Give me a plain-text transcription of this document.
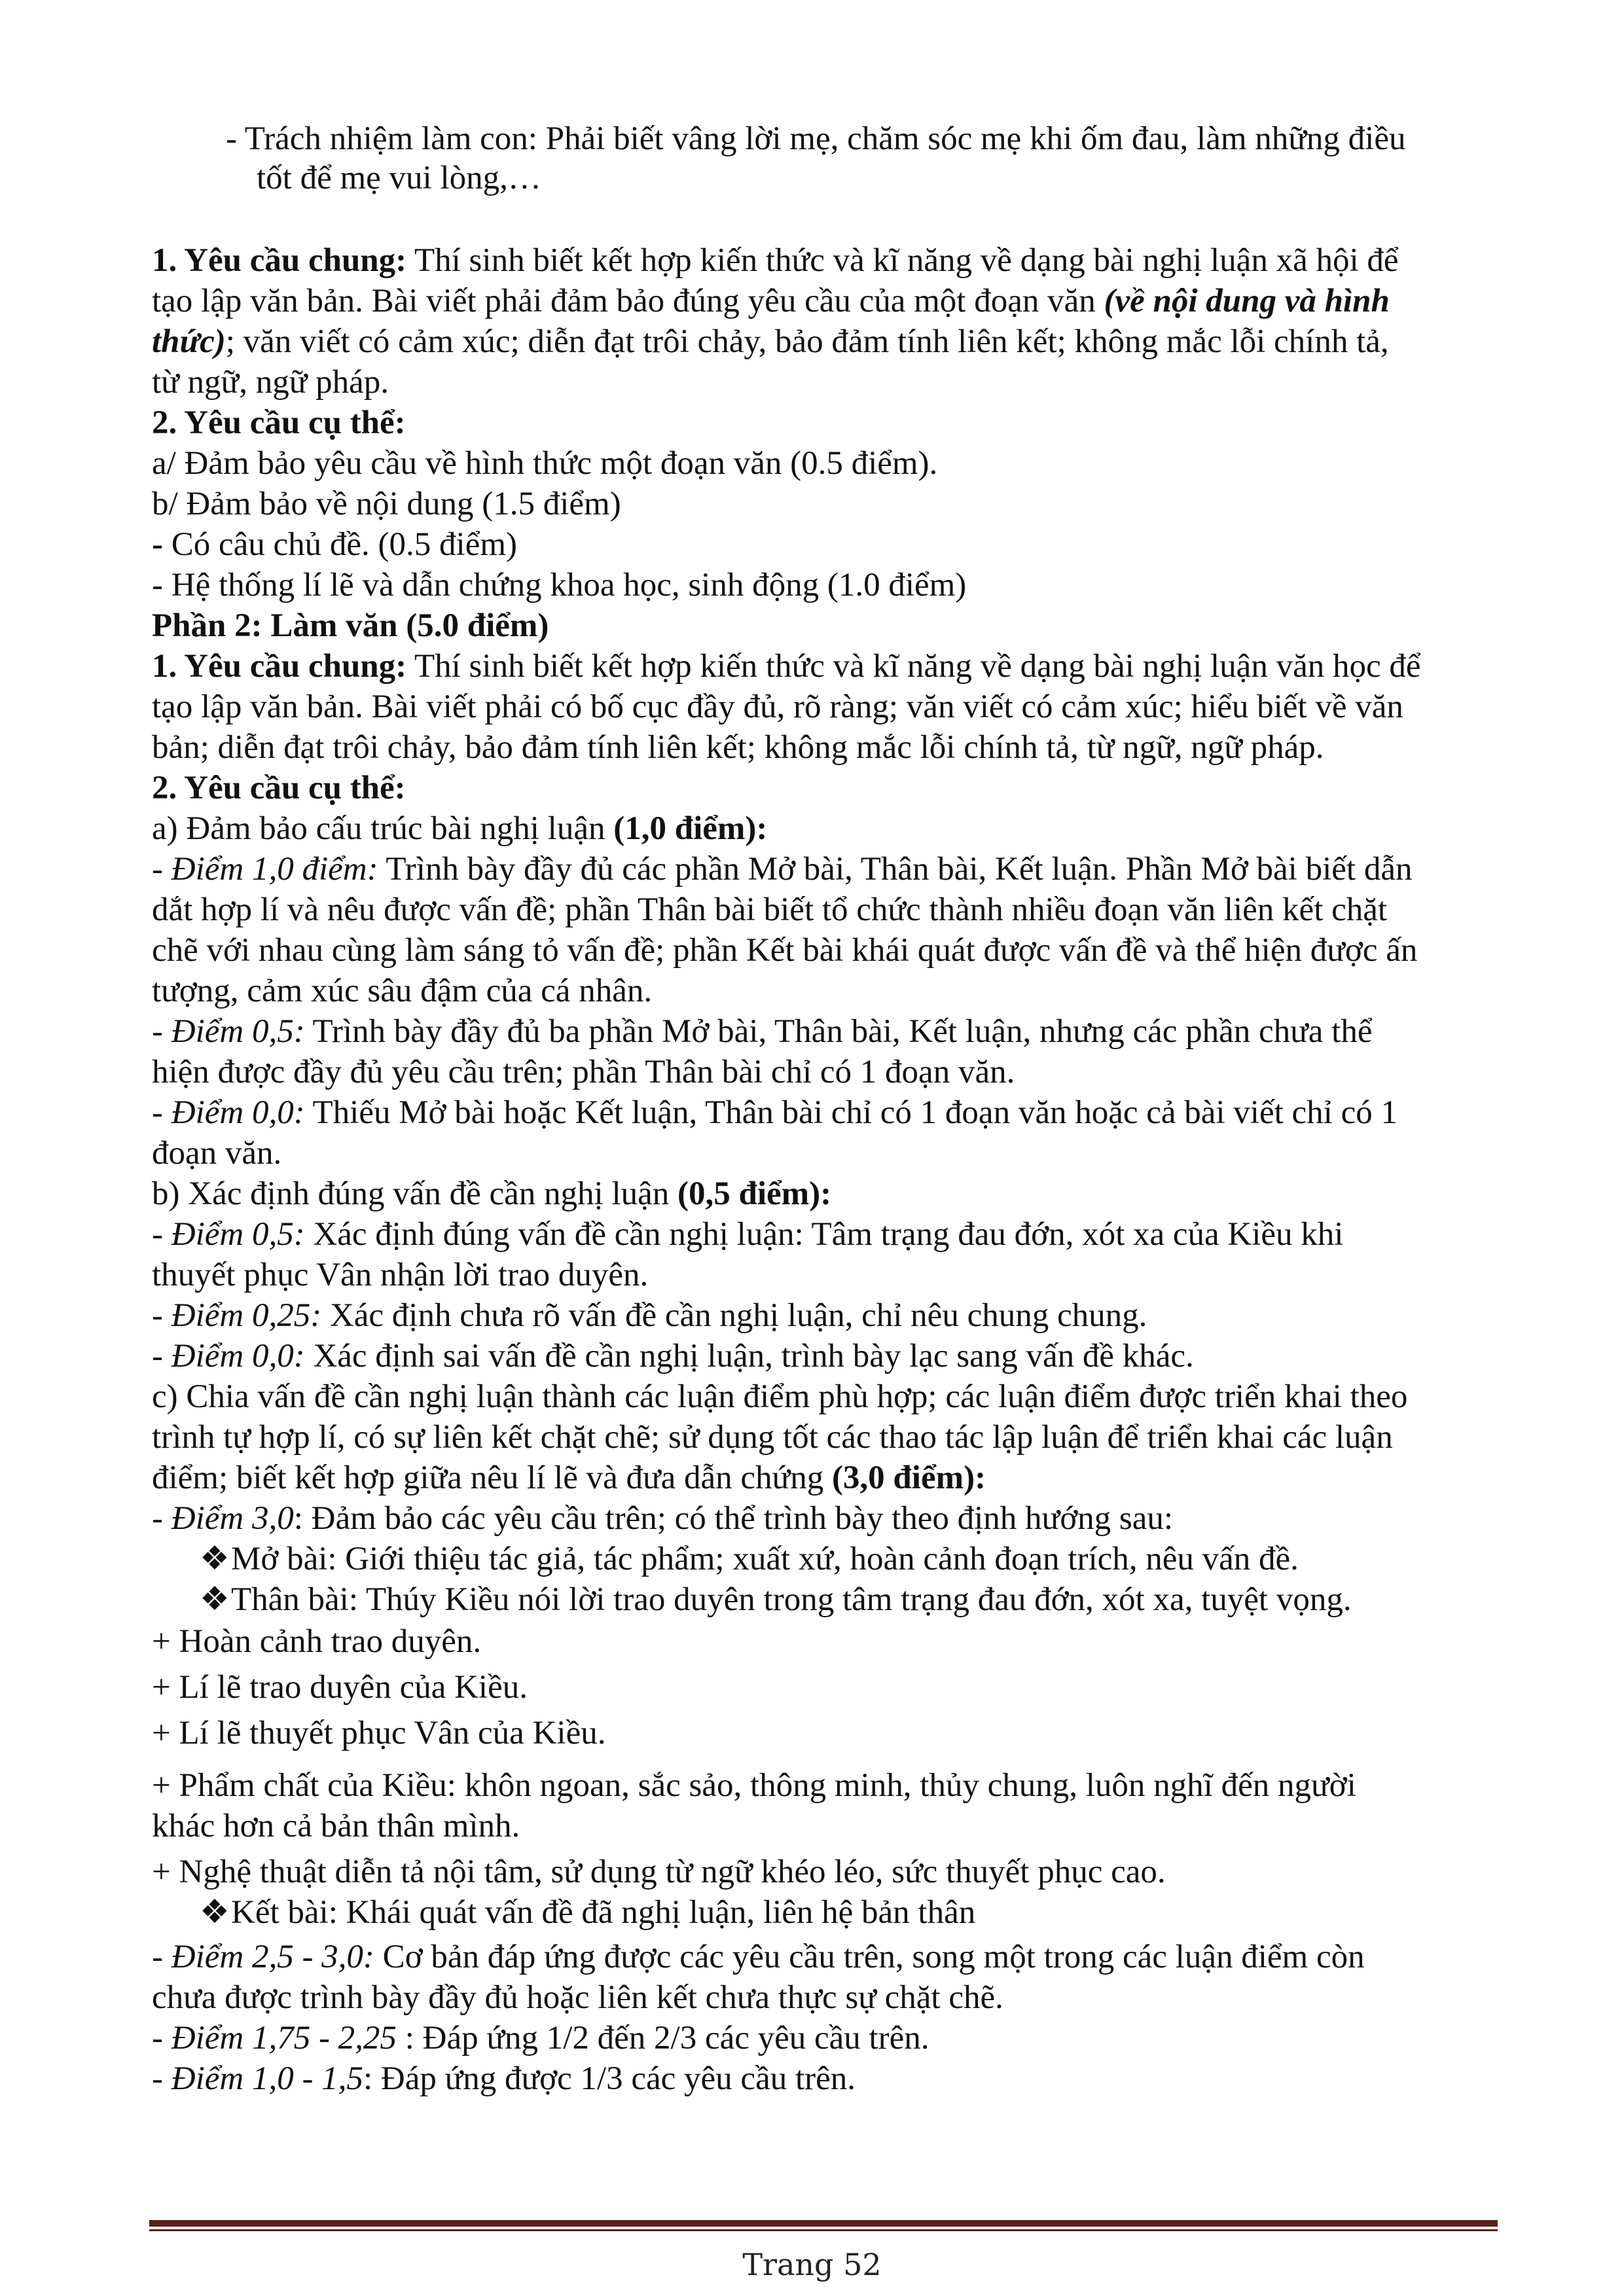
- Trách nhiệm làm con: Phải biết vâng lời mẹ, chăm sóc mẹ khi ốm đau, làm những điều
tốt để mẹ vui lòng,…
1. Yêu cầu chung: Thí sinh biết kết hợp kiến thức và kĩ năng về dạng bài nghị luận xã hội để
tạo lập văn bản. Bài viết phải đảm bảo đúng yêu cầu của một đoạn văn (về nội dung và hình
thức); văn viết có cảm xúc; diễn đạt trôi chảy, bảo đảm tính liên kết; không mắc lỗi chính tả,
từ ngữ, ngữ pháp.
2. Yêu cầu cụ thể:
a/ Đảm bảo yêu cầu về hình thức một đoạn văn (0.5 điểm).
b/ Đảm bảo về nội dung (1.5 điểm)
- Có câu chủ đề. (0.5 điểm)
- Hệ thống lí lẽ và dẫn chứng khoa học, sinh động (1.0 điểm)
Phần 2: Làm văn (5.0 điểm)
1. Yêu cầu chung: Thí sinh biết kết hợp kiến thức và kĩ năng về dạng bài nghị luận văn học để
tạo lập văn bản. Bài viết phải có bố cục đầy đủ, rõ ràng; văn viết có cảm xúc; hiểu biết về văn
bản; diễn đạt trôi chảy, bảo đảm tính liên kết; không mắc lỗi chính tả, từ ngữ, ngữ pháp.
2. Yêu cầu cụ thể:
a) Đảm bảo cấu trúc bài nghị luận (1,0 điểm):
- Điểm 1,0 điểm: Trình bày đầy đủ các phần Mở bài, Thân bài, Kết luận. Phần Mở bài biết dẫn
dắt hợp lí và nêu được vấn đề; phần Thân bài biết tổ chức thành nhiều đoạn văn liên kết chặt
chẽ với nhau cùng làm sáng tỏ vấn đề; phần Kết bài khái quát được vấn đề và thể hiện được ấn
tượng, cảm xúc sâu đậm của cá nhân.
- Điểm 0,5: Trình bày đầy đủ ba phần Mở bài, Thân bài, Kết luận, nhưng các phần chưa thể
hiện được đầy đủ yêu cầu trên; phần Thân bài chỉ có 1 đoạn văn.
- Điểm 0,0: Thiếu Mở bài hoặc Kết luận, Thân bài chỉ có 1 đoạn văn hoặc cả bài viết chỉ có 1
đoạn văn.
b) Xác định đúng vấn đề cần nghị luận (0,5 điểm):
- Điểm 0,5: Xác định đúng vấn đề cần nghị luận: Tâm trạng đau đớn, xót xa của Kiều khi
thuyết phục Vân nhận lời trao duyên.
- Điểm 0,25: Xác định chưa rõ vấn đề cần nghị luận, chỉ nêu chung chung.
- Điểm 0,0: Xác định sai vấn đề cần nghị luận, trình bày lạc sang vấn đề khác.
c) Chia vấn đề cần nghị luận thành các luận điểm phù hợp; các luận điểm được triển khai theo
trình tự hợp lí, có sự liên kết chặt chẽ; sử dụng tốt các thao tác lập luận để triển khai các luận
điểm; biết kết hợp giữa nêu lí lẽ và đưa dẫn chứng (3,0 điểm):
- Điểm 3,0: Đảm bảo các yêu cầu trên; có thể trình bày theo định hướng sau:
❖Mở bài: Giới thiệu tác giả, tác phẩm; xuất xứ, hoàn cảnh đoạn trích, nêu vấn đề.
❖Thân bài: Thúy Kiều nói lời trao duyên trong tâm trạng đau đớn, xót xa, tuyệt vọng.
+ Hoàn cảnh trao duyên.
+ Lí lẽ trao duyên của Kiều.
+ Lí lẽ thuyết phục Vân của Kiều.
+ Phẩm chất của Kiều: khôn ngoan, sắc sảo, thông minh, thủy chung, luôn nghĩ đến người
khác hơn cả bản thân mình.
+ Nghệ thuật diễn tả nội tâm, sử dụng từ ngữ khéo léo, sức thuyết phục cao.
❖Kết bài: Khái quát vấn đề đã nghị luận, liên hệ bản thân
- Điểm 2,5 - 3,0: Cơ bản đáp ứng được các yêu cầu trên, song một trong các luận điểm còn
chưa được trình bày đầy đủ hoặc liên kết chưa thực sự chặt chẽ.
- Điểm 1,75 - 2,25 : Đáp ứng 1/2 đến 2/3 các yêu cầu trên.
- Điểm 1,0 - 1,5: Đáp ứng được 1/3 các yêu cầu trên.
Trang 52
